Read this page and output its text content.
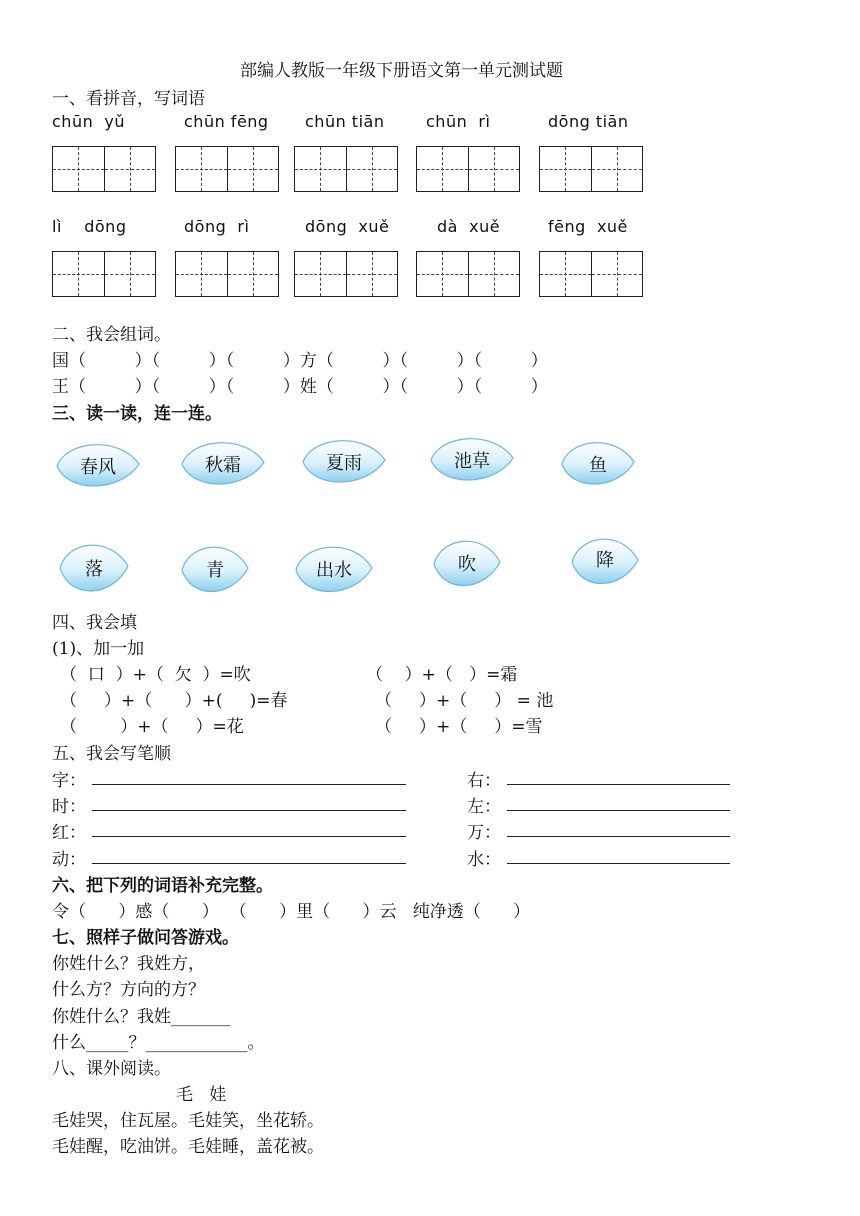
部编人教版一年级下册语文第一单元测试题
一、看拼音，写词语
chūn  yǔ	chūn fēng chūn tiān	chūn  rì	dōng tiān
lì    dōng	dōng  rì	dōng  xuě	dà  xuě	fēng  xuě
二、我会组词。
国（         ）（         ）（         ）方（         ）（         ）（         ）
王（         ）（         ）（         ）姓（         ）（         ）（         ）
三、读一读，连一连。
春风	秋霜	夏雨	池草	鱼
落	青	出水	吹	降
四、我会填
(1)、加一加
（  口  ）+（  欠  ）=吹	（    ）+（   ）=霜
（     ）+（      ）+(     )=春	（     ）+（     ） = 池
（        ）+（     ）=花	（     ）+（     ）=雪
五、我会写笔顺
字：	右：
时：	左：
红：	万：
动：	水：
六、把下列的词语补充完整。
令（      ）感（      ）  （      ）里（      ）云   纯净透（      ）
七、照样子做问答游戏。
你姓什么？我姓方，
什么方？方向的方？
你姓什么？我姓_______
什么_____？____________。
八、课外阅读。
毛   娃
毛娃哭，住瓦屋。毛娃笑，坐花轿。
毛娃醒，吃油饼。毛娃睡，盖花被。
